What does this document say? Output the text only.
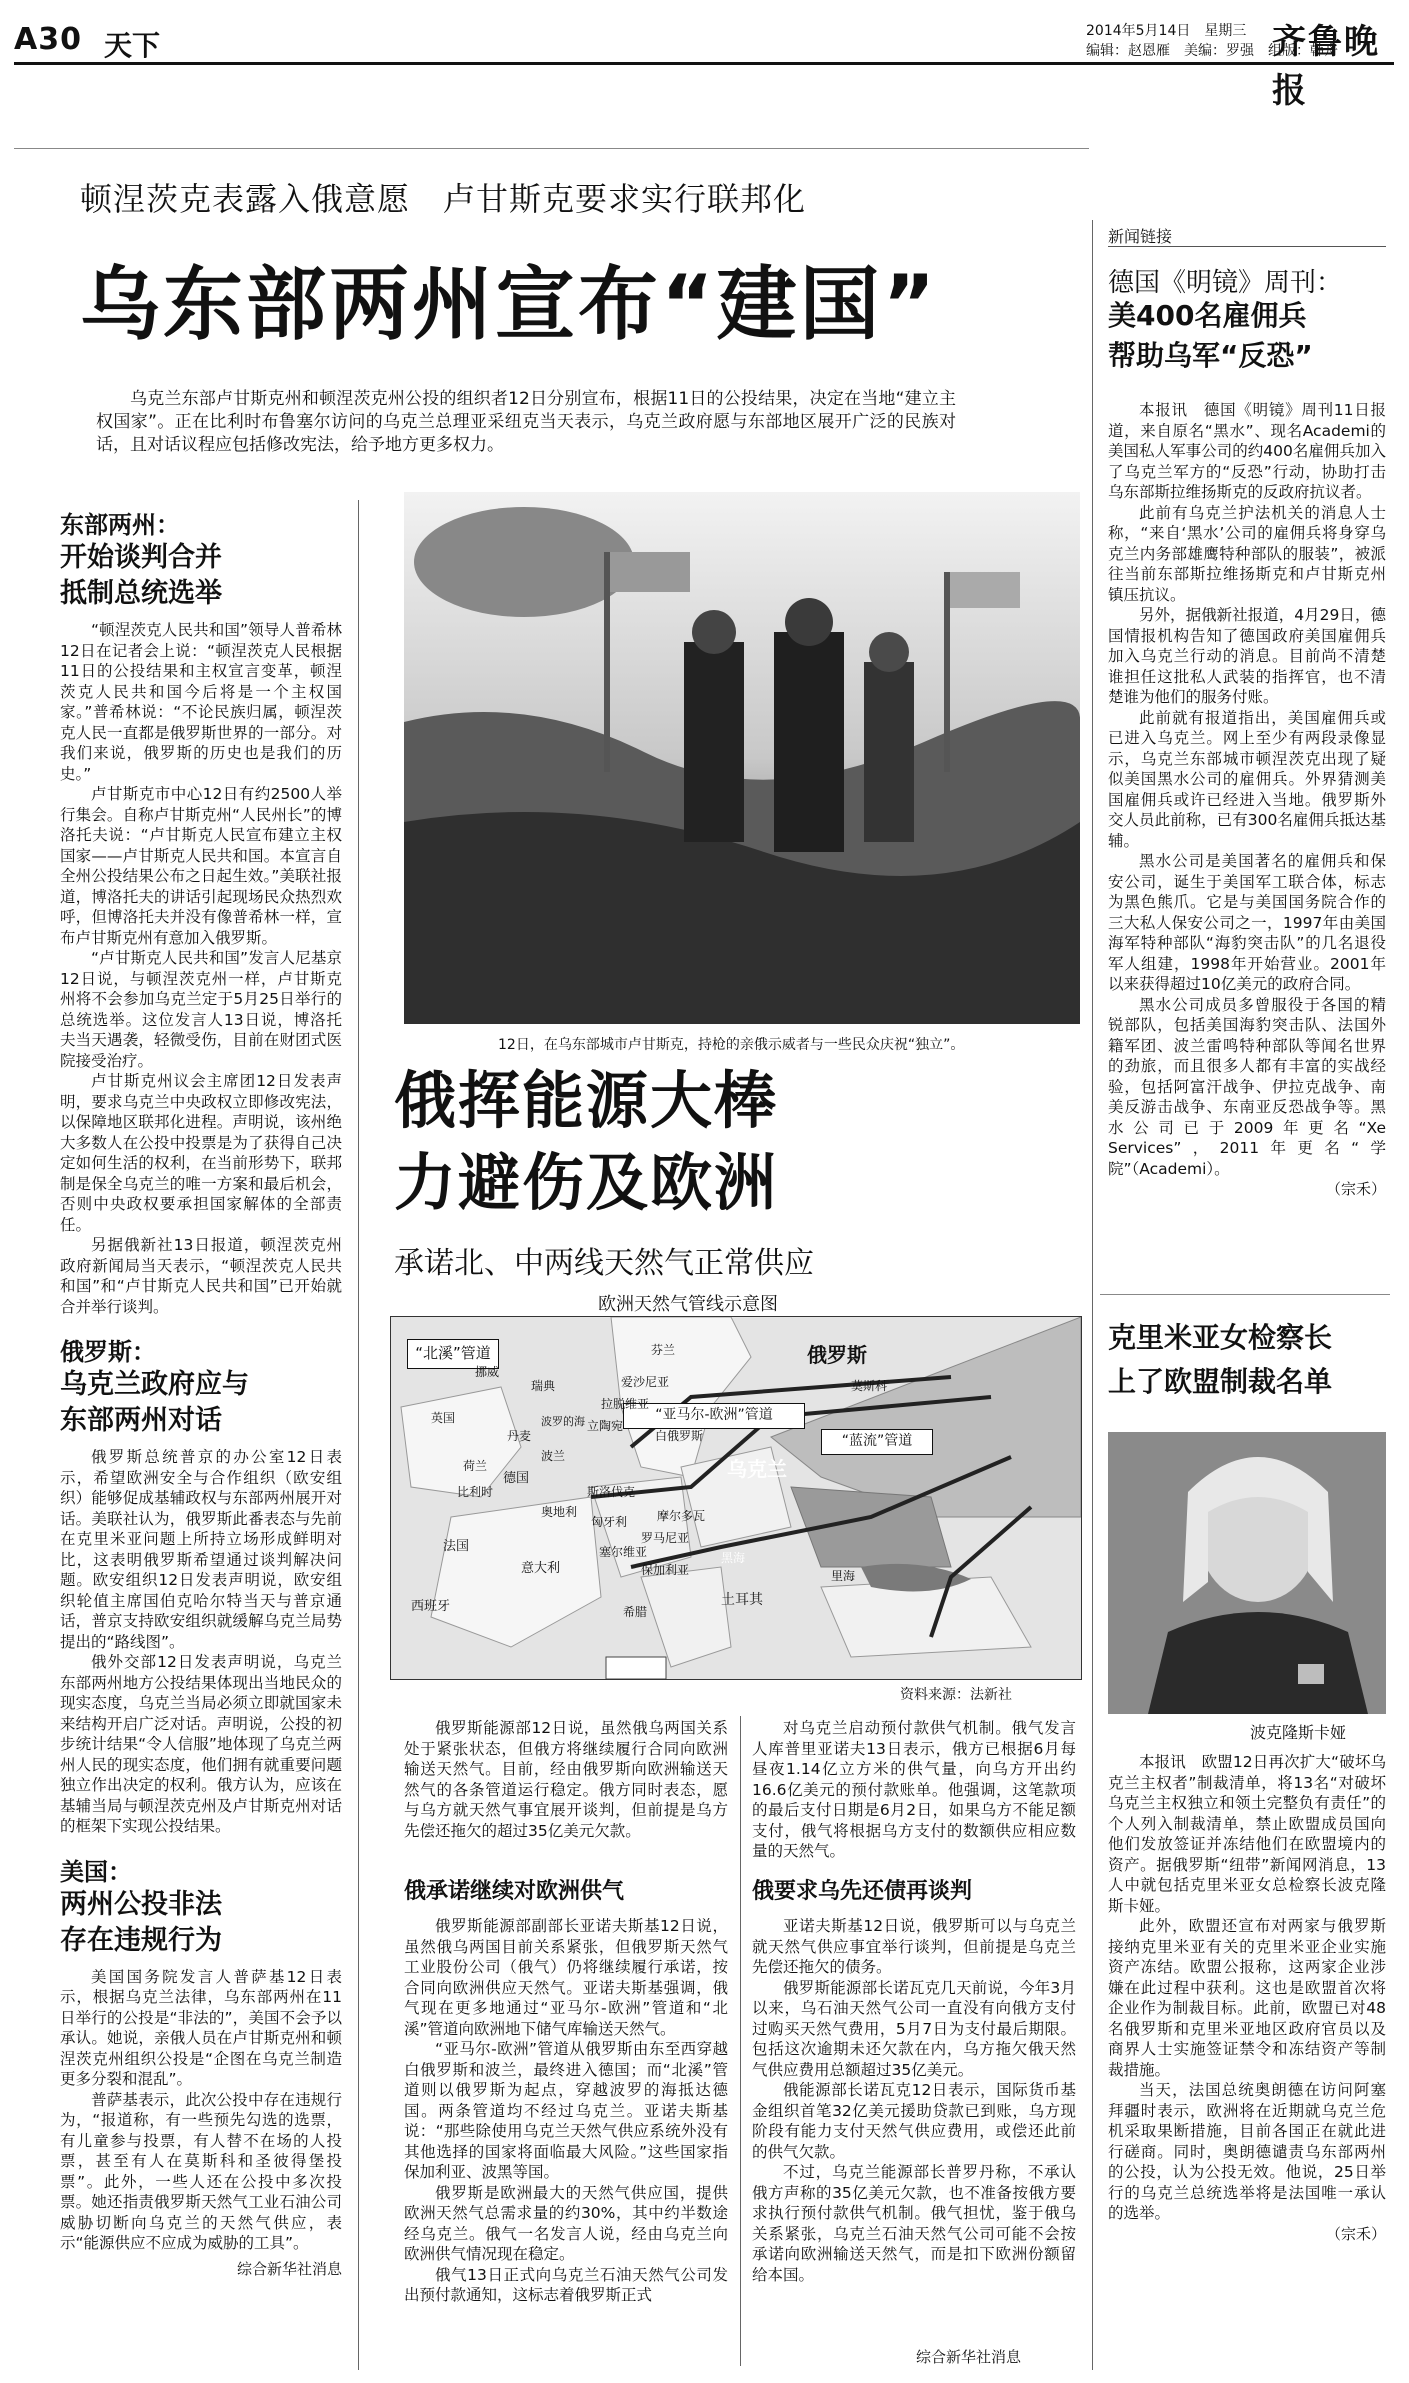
A30 天下	2014年5月14日　星期三
编辑：赵恩雁　美编：罗强　组版：韩舟
齐鲁晚报
顿涅茨克表露入俄意愿　卢甘斯克要求实行联邦化
乌东部两州宣布“建国”
乌克兰东部卢甘斯克州和顿涅茨克州公投的组织者12日分别宣布，根据11日的公投结果，决定在当地“建立主权国家”。正在比利时布鲁塞尔访问的乌克兰总理亚采纽克当天表示，乌克兰政府愿与东部地区展开广泛的民族对话，且对话议程应包括修改宪法，给予地方更多权力。
12日，在乌东部城市卢甘斯克，持枪的亲俄示威者与一些民众庆祝“独立”。
东部两州：
开始谈判合并
抵制总统选举

“顿涅茨克人民共和国”领导人普希林12日在记者会上说：“顿涅茨克人民根据11日的公投结果和主权宣言变革，顿涅茨克人民共和国今后将是一个主权国家。”普希林说：“不论民族归属，顿涅茨克人民一直都是俄罗斯世界的一部分。对我们来说，俄罗斯的历史也是我们的历史。”

卢甘斯克市中心12日有约2500人举行集会。自称卢甘斯克州“人民州长”的博洛托夫说：“卢甘斯克人民宣布建立主权国家——卢甘斯克人民共和国。本宣言自全州公投结果公布之日起生效。”美联社报道，博洛托夫的讲话引起现场民众热烈欢呼，但博洛托夫并没有像普希林一样，宣布卢甘斯克州有意加入俄罗斯。

“卢甘斯克人民共和国”发言人尼基京12日说，与顿涅茨克州一样，卢甘斯克州将不会参加乌克兰定于5月25日举行的总统选举。这位发言人13日说，博洛托夫当天遇袭，轻微受伤，目前在财团式医院接受治疗。

卢甘斯克州议会主席团12日发表声明，要求乌克兰中央政权立即修改宪法，以保障地区联邦化进程。声明说，该州绝大多数人在公投中投票是为了获得自己决定如何生活的权利，在当前形势下，联邦制是保全乌克兰的唯一方案和最后机会，否则中央政权要承担国家解体的全部责任。

另据俄新社13日报道，顿涅茨克州政府新闻局当天表示，“顿涅茨克人民共和国”和“卢甘斯克人民共和国”已开始就合并举行谈判。

俄罗斯：
乌克兰政府应与
东部两州对话

俄罗斯总统普京的办公室12日表示，希望欧洲安全与合作组织（欧安组织）能够促成基辅政权与东部两州展开对话。美联社认为，俄罗斯此番表态与先前在克里米亚问题上所持立场形成鲜明对比，这表明俄罗斯希望通过谈判解决问题。欧安组织12日发表声明说，欧安组织轮值主席国伯克哈尔特当天与普京通话，普京支持欧安组织就缓解乌克兰局势提出的“路线图”。

俄外交部12日发表声明说，乌克兰东部两州地方公投结果体现出当地民众的现实态度，乌克兰当局必须立即就国家未来结构开启广泛对话。声明说，公投的初步统计结果“令人信服”地体现了乌克兰两州人民的现实态度，他们拥有就重要问题独立作出决定的权利。俄方认为，应该在基辅当局与顿涅茨克州及卢甘斯克州对话的框架下实现公投结果。

美国：
两州公投非法
存在违规行为

美国国务院发言人普萨基12日表示，根据乌克兰法律，乌东部两州在11日举行的公投是“非法的”，美国不会予以承认。她说，亲俄人员在卢甘斯克州和顿涅茨克州组织公投是“企图在乌克兰制造更多分裂和混乱”。

普萨基表示，此次公投中存在违规行为，“报道称，有一些预先勾选的选票，有儿童参与投票，有人替不在场的人投票，甚至有人在莫斯科和圣彼得堡投票”。此外，一些人还在公投中多次投票。她还指责俄罗斯天然气工业石油公司威胁切断向乌克兰的天然气供应，表示“能源供应不应成为威胁的工具”。

综合新华社消息
俄挥能源大棒
力避伤及欧洲
承诺北、中两线天然气正常供应
欧洲天然气管线示意图
“北溪”管道
“亚马尔-欧洲”管道
“蓝流”管道
俄罗斯
莫斯科
乌克兰
白俄罗斯
立陶宛
拉脱维亚
爱沙尼亚
波兰
德国
荷兰
比利时
法国
英国
挪威
瑞典
芬兰
丹麦
波罗的海
斯洛伐克
奥地利
匈牙利 摩尔多瓦
罗马尼亚
塞尔维亚
保加利亚
意大利
希腊
西班牙	土耳其
黑海
里海
资料来源：法新社

俄罗斯能源部12日说，虽然俄乌两国关系处于紧张状态，但俄方将继续履行合同向欧洲输送天然气。目前，经由俄罗斯向欧洲输送天然气的各条管道运行稳定。俄方同时表态，愿与乌方就天然气事宜展开谈判，但前提是乌方先偿还拖欠的超过35亿美元欠款。

俄承诺继续对欧洲供气

俄罗斯能源部副部长亚诺夫斯基12日说，虽然俄乌两国目前关系紧张，但俄罗斯天然气工业股份公司（俄气）仍将继续履行承诺，按合同向欧洲供应天然气。亚诺夫斯基强调，俄气现在更多地通过“亚马尔-欧洲”管道和“北溪”管道向欧洲地下储气库输送天然气。

“亚马尔-欧洲”管道从俄罗斯由东至西穿越白俄罗斯和波兰，最终进入德国；而“北溪”管道则以俄罗斯为起点，穿越波罗的海抵达德国。两条管道均不经过乌克兰。亚诺夫斯基说：“那些除使用乌克兰天然气供应系统外没有其他选择的国家将面临最大风险。”这些国家指保加利亚、波黑等国。

俄罗斯是欧洲最大的天然气供应国，提供欧洲天然气总需求量的约30%，其中约半数途经乌克兰。俄气一名发言人说，经由乌克兰向欧洲供气情况现在稳定。

俄气13日正式向乌克兰石油天然气公司发出预付款通知，这标志着俄罗斯正式

对乌克兰启动预付款供气机制。俄气发言人库普里亚诺夫13日表示，俄方已根据6月每昼夜1.14亿立方米的供气量，向乌方开出约16.6亿美元的预付款账单。他强调，这笔款项的最后支付日期是6月2日，如果乌方不能足额支付，俄气将根据乌方支付的数额供应相应数量的天然气。

俄要求乌先还债再谈判

亚诺夫斯基12日说，俄罗斯可以与乌克兰就天然气供应事宜举行谈判，但前提是乌克兰先偿还拖欠的债务。

俄罗斯能源部长诺瓦克几天前说，今年3月以来，乌石油天然气公司一直没有向俄方支付过购买天然气费用，5月7日为支付最后期限。包括这次逾期未还欠款在内，乌方拖欠俄天然气供应费用总额超过35亿美元。

俄能源部长诺瓦克12日表示，国际货币基金组织首笔32亿美元援助贷款已到账，乌方现阶段有能力支付天然气供应费用，或偿还此前的供气欠款。

不过，乌克兰能源部长普罗丹称，不承认俄方声称的35亿美元欠款，也不准备按俄方要求执行预付款供气机制。俄气担忧，鉴于俄乌关系紧张，乌克兰石油天然气公司可能不会按承诺向欧洲输送天然气，而是扣下欧洲份额留给本国。

综合新华社消息
新闻链接
德国《明镜》周刊：
美400名雇佣兵
帮助乌军“反恐”

本报讯　德国《明镜》周刊11日报道，来自原名“黑水”、现名Academi的美国私人军事公司的约400名雇佣兵加入了乌克兰军方的“反恐”行动，协助打击乌东部斯拉维扬斯克的反政府抗议者。

此前有乌克兰护法机关的消息人士称，“来自‘黑水’公司的雇佣兵将身穿乌克兰内务部雄鹰特种部队的服装”，被派往当前东部斯拉维扬斯克和卢甘斯克州镇压抗议。

另外，据俄新社报道，4月29日，德国情报机构告知了德国政府美国雇佣兵加入乌克兰行动的消息。目前尚不清楚谁担任这批私人武装的指挥官，也不清楚谁为他们的服务付账。

此前就有报道指出，美国雇佣兵或已进入乌克兰。网上至少有两段录像显示，乌克兰东部城市顿涅茨克出现了疑似美国黑水公司的雇佣兵。外界猜测美国雇佣兵或许已经进入当地。俄罗斯外交人员此前称，已有300名雇佣兵抵达基辅。

黑水公司是美国著名的雇佣兵和保安公司，诞生于美国军工联合体，标志为黑色熊爪。它是与美国国务院合作的三大私人保安公司之一，1997年由美国海军特种部队“海豹突击队”的几名退役军人组建，1998年开始营业。2001年以来获得超过10亿美元的政府合同。

黑水公司成员多曾服役于各国的精锐部队，包括美国海豹突击队、法国外籍军团、波兰雷鸣特种部队等闻名世界的劲旅，而且很多人都有丰富的实战经验，包括阿富汗战争、伊拉克战争、南美反游击战争、东南亚反恐战争等。黑水公司已于2009年更名“Xe Services”，2011年更名“学院”（Academi）。

（宗禾）
克里米亚女检察长
上了欧盟制裁名单
波克隆斯卡娅

本报讯　欧盟12日再次扩大“破坏乌克兰主权者”制裁清单，将13名“对破坏乌克兰主权独立和领土完整负有责任”的个人列入制裁清单，禁止欧盟成员国向他们发放签证并冻结他们在欧盟境内的资产。据俄罗斯“纽带”新闻网消息，13人中就包括克里米亚女总检察长波克隆斯卡娅。

此外，欧盟还宣布对两家与俄罗斯接纳克里米亚有关的克里米亚企业实施资产冻结。欧盟公报称，这两家企业涉嫌在此过程中获利。这也是欧盟首次将企业作为制裁目标。此前，欧盟已对48名俄罗斯和克里米亚地区政府官员以及商界人士实施签证禁令和冻结资产等制裁措施。

当天，法国总统奥朗德在访问阿塞拜疆时表示，欧洲将在近期就乌克兰危机采取果断措施，目前各国正在就此进行磋商。同时，奥朗德谴责乌东部两州的公投，认为公投无效。他说，25日举行的乌克兰总统选举将是法国唯一承认的选举。

（宗禾）
